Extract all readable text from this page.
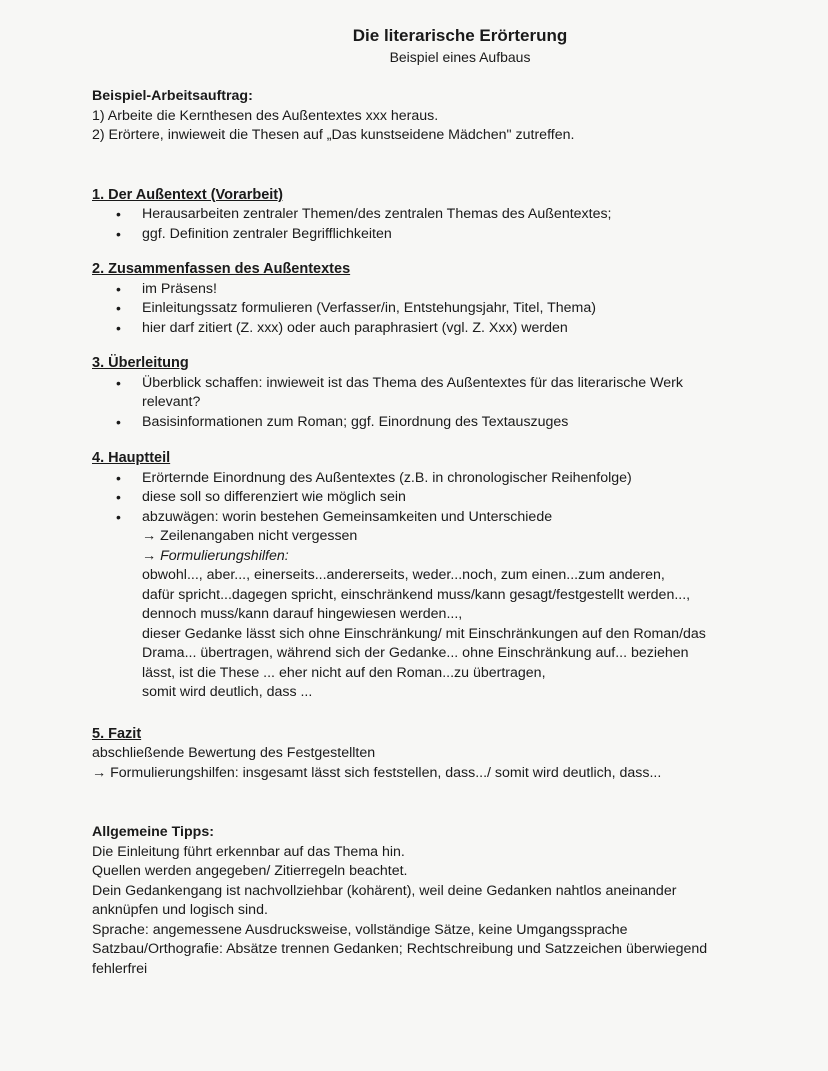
Die literarische Erörterung

Beispiel eines Aufbaus

Beispiel-Arbeitsauftrag:
1) Arbeite die Kernthesen des Außentextes xxx heraus.
2) Erörtere, inwieweit die Thesen auf „Das kunstseidene Mädchen" zutreffen.
1. Der Außentext (Vorarbeit)
• Herausarbeiten zentraler Themen/des zentralen Themas des Außentextes;
• ggf. Definition zentraler Begrifflichkeiten
2. Zusammenfassen des Außentextes
• im Präsens!
• Einleitungssatz formulieren (Verfasser/in, Entstehungsjahr, Titel, Thema)
• hier darf zitiert (Z. xxx) oder auch paraphrasiert (vgl. Z. Xxx) werden
3. Überleitung
• Überblick schaffen: inwieweit ist das Thema des Außentextes für das literarische Werk relevant?
• Basisinformationen zum Roman; ggf. Einordnung des Textauszuges
4. Hauptteil
• Erörternde Einordnung des Außentextes (z.B. in chronologischer Reihenfolge)
• diese soll so differenziert wie möglich sein
• abzuwägen: worin bestehen Gemeinsamkeiten und Unterschiede
→ Zeilenangaben nicht vergessen
→ Formulierungshilfen:
obwohl..., aber..., einerseits...andererseits, weder...noch, zum einen...zum anderen,
dafür spricht...dagegen spricht, einschränkend muss/kann gesagt/festgestellt werden..., dennoch muss/kann darauf hingewiesen werden...,
dieser Gedanke lässt sich ohne Einschränkung/ mit Einschränkungen auf den Roman/das Drama... übertragen, während sich der Gedanke... ohne Einschränkung auf... beziehen lässt, ist die These ... eher nicht auf den Roman...zu übertragen,
somit wird deutlich, dass ...
5. Fazit
abschließende Bewertung des Festgestellten
→ Formulierungshilfen: insgesamt lässt sich feststellen, dass.../ somit wird deutlich, dass...
Allgemeine Tipps:
Die Einleitung führt erkennbar auf das Thema hin.
Quellen werden angegeben/ Zitierregeln beachtet.
Dein Gedankengang ist nachvollziehbar (kohärent), weil deine Gedanken nahtlos aneinander anknüpfen und logisch sind.
Sprache: angemessene Ausdrucksweise, vollständige Sätze, keine Umgangssprache
Satzbau/Orthografie: Absätze trennen Gedanken; Rechtschreibung und Satzzeichen überwiegend fehlerfrei
